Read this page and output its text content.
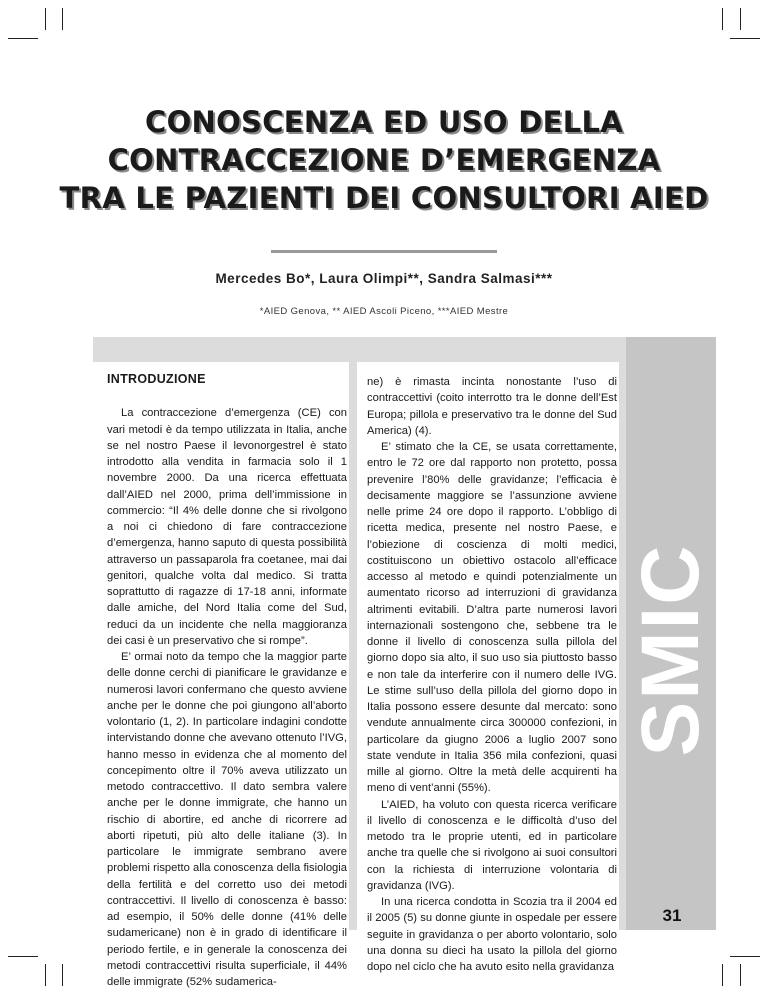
CONOSCENZA ED USO DELLA
CONTRACCEZIONE D’EMERGENZA
TRA LE PAZIENTI DEI CONSULTORI AIED
Mercedes Bo*, Laura Olimpi**, Sandra Salmasi***
*AIED Genova, ** AIED Ascoli Piceno, ***AIED Mestre
SMIC
INTRODUZIONE

La contraccezione d’emergenza (CE) con vari metodi è da tempo utilizzata in Italia, anche se nel nostro Paese il levonorgestrel è stato introdotto alla vendita in farmacia solo il 1 novembre 2000. Da una ricerca effettuata dall’AIED nel 2000, prima dell’immissione in commercio: “Il 4% delle donne che si rivolgono a noi ci chiedono di fare contraccezione d’emergenza, hanno saputo di questa possibilità attraverso un passaparola fra coetanee, mai dai genitori, qualche volta dal medico. Si tratta soprattutto di ragazze di 17-18 anni, informate dalle amiche, del Nord Italia come del Sud, reduci da un incidente che nella maggioranza dei casi è un preservativo che si rompe”.

E’ ormai noto da tempo che la maggior parte delle donne cerchi di pianificare le gravidanze e numerosi lavori confermano che questo avviene anche per le donne che poi giungono all’aborto volontario (1, 2). In particolare indagini condotte intervistando donne che avevano ottenuto l’IVG, hanno messo in evidenza che al momento del concepimento oltre il 70% aveva utilizzato un metodo contraccettivo. Il dato sembra valere anche per le donne immigrate, che hanno un rischio di abortire, ed anche di ricorrere ad aborti ripetuti, più alto delle italiane (3). In particolare le immigrate sembrano avere problemi rispetto alla conoscenza della fisiologia della fertilità e del corretto uso dei metodi contraccettivi. Il livello di conoscenza è basso: ad esempio, il 50% delle donne (41% delle sudamericane) non è in grado di identificare il periodo fertile, e in generale la conoscenza dei metodi contraccettivi risulta superficiale, il 44% delle immigrate (52% sudamerica-

ne) è rimasta incinta nonostante l’uso di contraccettivi (coito interrotto tra le donne dell’Est Europa; pillola e preservativo tra le donne del Sud America) (4).

E’ stimato che la CE, se usata correttamente, entro le 72 ore dal rapporto non protetto, possa prevenire l’80% delle gravidanze; l’efficacia è decisamente maggiore se l’assunzione avviene nelle prime 24 ore dopo il rapporto. L’obbligo di ricetta medica, presente nel nostro Paese, e l’obiezione di coscienza di molti medici, costituiscono un obiettivo ostacolo all’efficace accesso al metodo e quindi potenzialmente un aumentato ricorso ad interruzioni di gravidanza altrimenti evitabili. D’altra parte numerosi lavori internazionali sostengono che, sebbene tra le donne il livello di conoscenza sulla pillola del giorno dopo sia alto, il suo uso sia piuttosto basso e non tale da interferire con il numero delle IVG. Le stime sull’uso della pillola del giorno dopo in Italia possono essere desunte dal mercato: sono vendute annualmente circa 300000 confezioni, in particolare da giugno 2006 a luglio 2007 sono state vendute in Italia 356 mila confezioni, quasi mille al giorno. Oltre la metà delle acquirenti ha meno di vent’anni (55%).

L’AIED, ha voluto con questa ricerca verificare il livello di conoscenza e le difficoltà d’uso del metodo tra le proprie utenti, ed in particolare anche tra quelle che si rivolgono ai suoi consultori con la richiesta di interruzione volontaria di gravidanza (IVG).

In una ricerca condotta in Scozia tra il 2004 ed il 2005 (5) su donne giunte in ospedale per essere seguite in gravidanza o per aborto volontario, solo una donna su dieci ha usato la pillola del giorno dopo nel ciclo che ha avuto esito nella gravidanza

31
